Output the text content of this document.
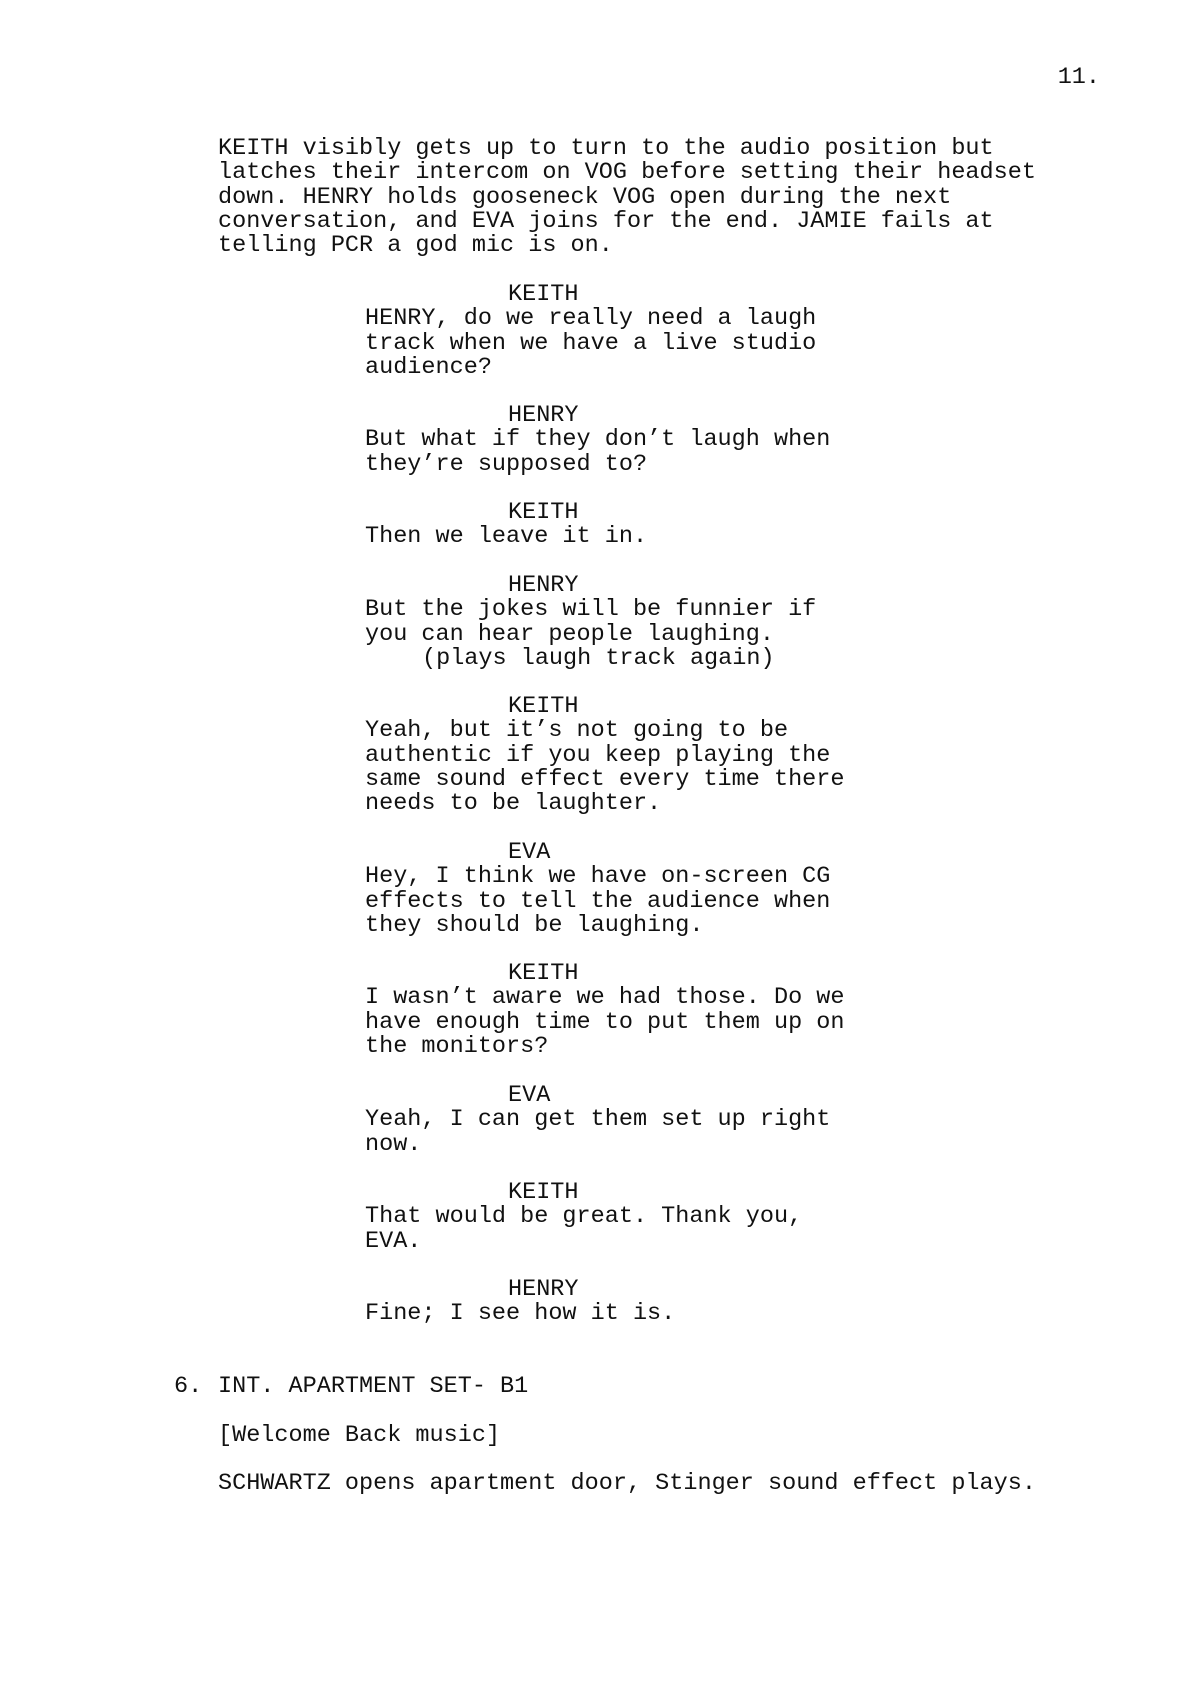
11.
KEITH visibly gets up to turn to the audio position but
latches their intercom on VOG before setting their headset
down. HENRY holds gooseneck VOG open during the next
conversation, and EVA joins for the end. JAMIE fails at
telling PCR a god mic is on.
KEITH
HENRY, do we really need a laugh
track when we have a live studio
audience?
HENRY
But what if they don’t laugh when
they’re supposed to?
KEITH
Then we leave it in.
HENRY
But the jokes will be funnier if
you can hear people laughing.
(plays laugh track again)
KEITH
Yeah, but it’s not going to be
authentic if you keep playing the
same sound effect every time there
needs to be laughter.
EVA
Hey, I think we have on-screen CG
effects to tell the audience when
they should be laughing.
KEITH
I wasn’t aware we had those. Do we
have enough time to put them up on
the monitors?
EVA
Yeah, I can get them set up right
now.
KEITH
That would be great. Thank you,
EVA.
HENRY
Fine; I see how it is.
6. INT. APARTMENT SET- B1
[Welcome Back music]
SCHWARTZ opens apartment door, Stinger sound effect plays.
